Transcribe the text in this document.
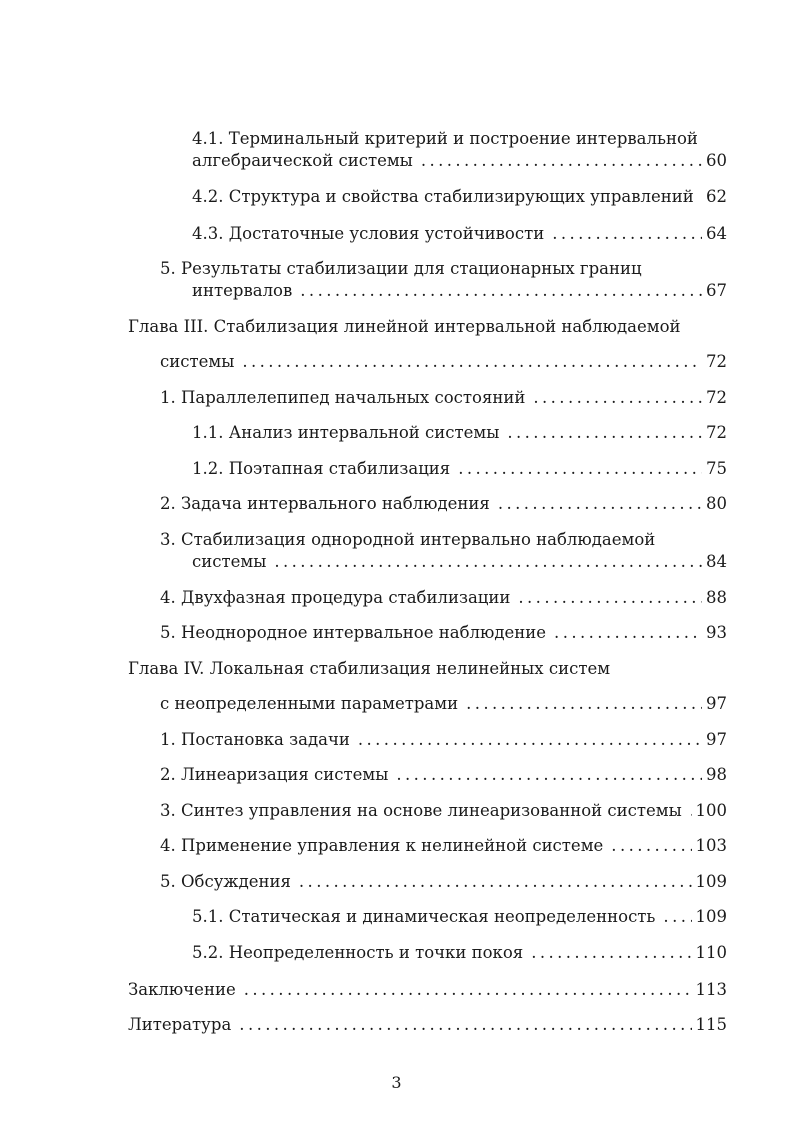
4.1. Терминальный критерий и построение интервальной
алгебраической системы .....	60
4.2. Структура и свойства стабилизирующих управлений ..... 62
4.3. Достаточные условия устойчивости .....	64
5. Результаты стабилизации для стационарных границ
интервалов .....	67
Глава III. Стабилизация линейной интервальной наблюдаемой
системы .....	72
1. Параллелепипед начальных состояний .....	72
1.1. Анализ интервальной системы .....	72
1.2. Поэтапная стабилизация .....	75
2. Задача интервального наблюдения .....	80
3. Стабилизация однородной интервально наблюдаемой
системы .....	84
4. Двухфазная процедура стабилизации .....	88
5. Неоднородное интервальное наблюдение .....	93
Глава IV. Локальная стабилизация нелинейных систем
с неопределенными параметрами .....	97
1. Постановка задачи .....	97
2. Линеаризация системы .....	98
3. Синтез управления на основе линеаризованной системы ..... 100
4. Применение управления к нелинейной системе .....	103
5. Обсуждения .....	109
5.1. Статическая и динамическая неопределенность ..... 109
5.2. Неопределенность и точки покоя .....	110
Заключение .....	113
Литература .....	115
3
